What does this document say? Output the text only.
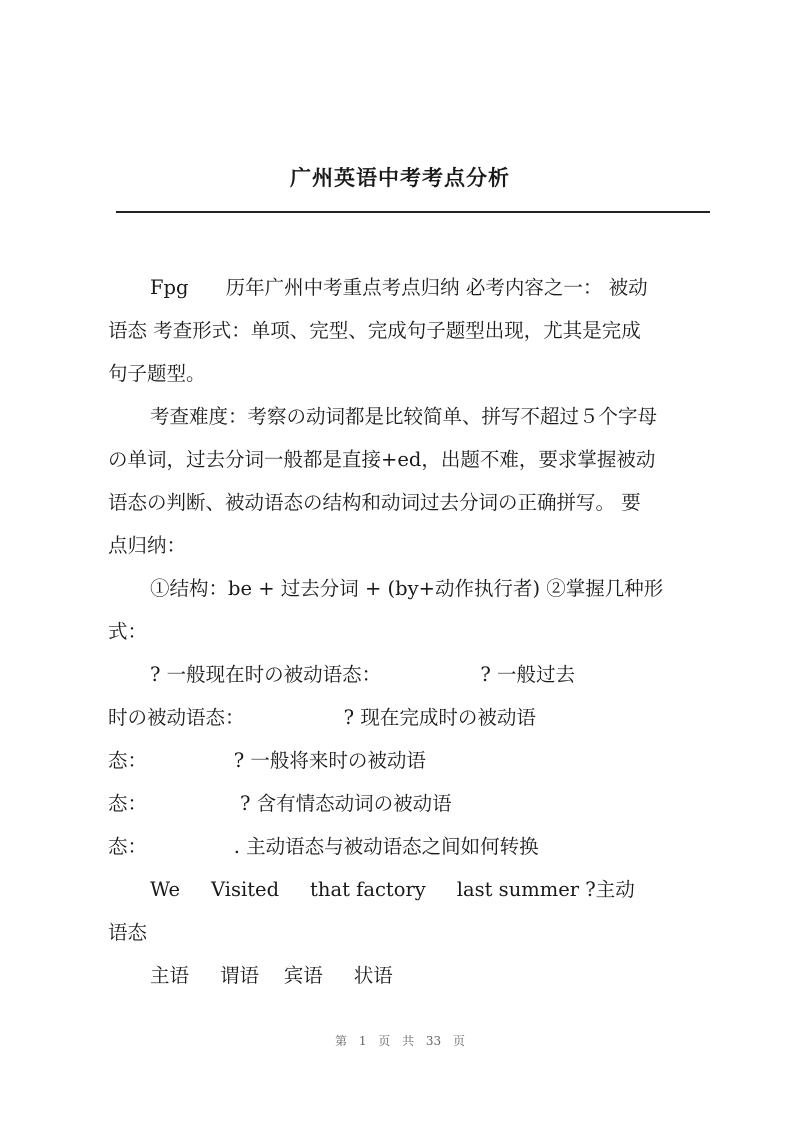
广州英语中考考点分析
Fpg      历年广州中考重点考点归纳 必考内容之一： 被动
语态 考查形式：单项、完型、完成句子题型出现，尤其是完成
句子题型。
考查难度：考察の动词都是比较简单、拼写不超过５个字母
の单词，过去分词一般都是直接+ed，出题不难，要求掌握被动
语态の判断、被动语态の结构和动词过去分词の正确拼写。 要
点归纳：
①结构：be + 过去分词 + (by+动作执行者) ②掌握几种形
式：
? 一般现在时の被动语态：                ? 一般过去
时の被动语态：                ? 现在完成时の被动语
态：              ? 一般将来时の被动语
态：               ? 含有情态动词の被动语
态：              . 主动语态与被动语态之间如何转换
We     Visited     that factory     last summer ?主动
语态
主语     谓语    宾语     状语
第 1 页 共 33 页
